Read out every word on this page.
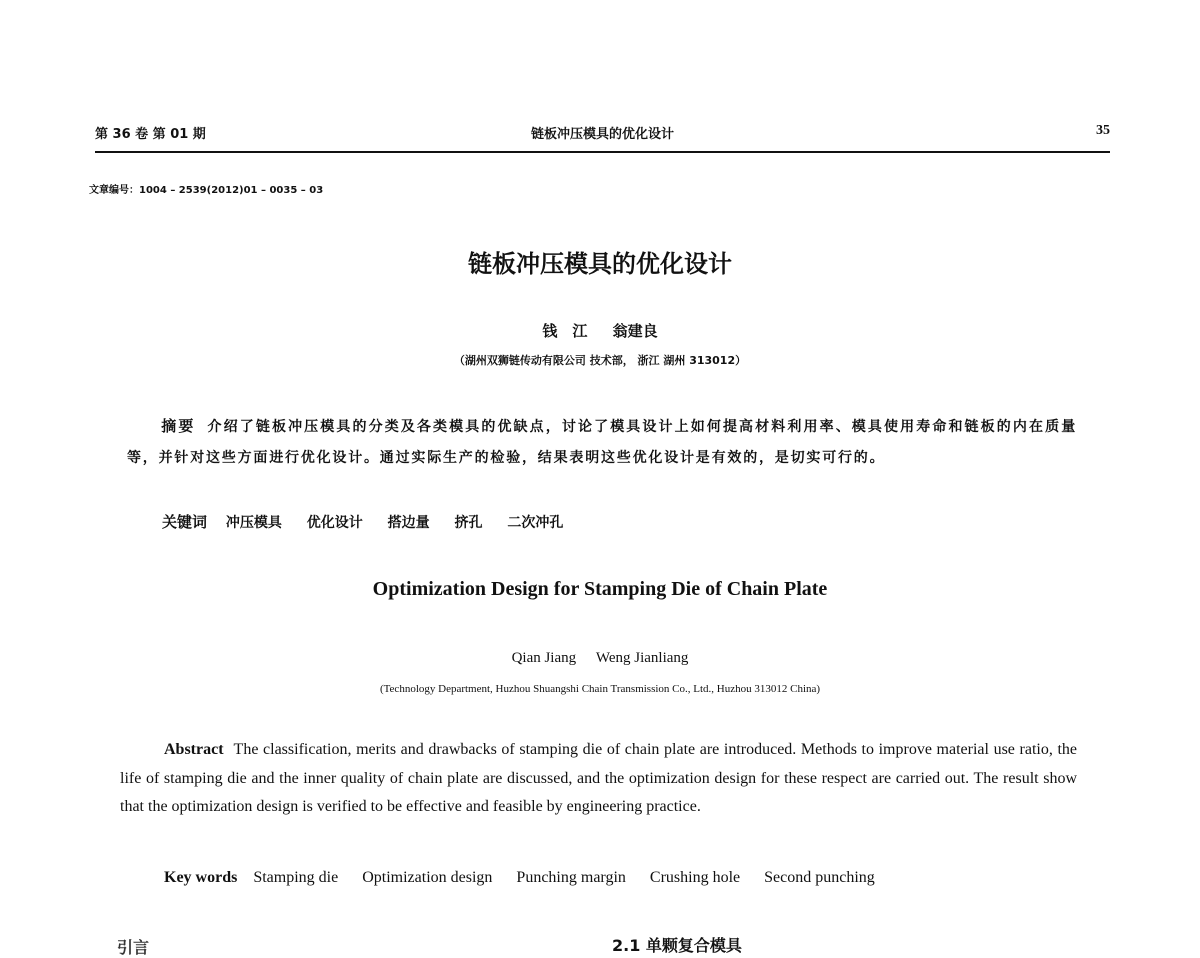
第 36 卷 第 01 期	链板冲压模具的优化设计	35
文章编号：1004 – 2539(2012)01 – 0035 – 03
链板冲压模具的优化设计
钱　江 翁建良
（湖州双狮链传动有限公司 技术部， 浙江 湖州 313012）
摘要 介绍了链板冲压模具的分类及各类模具的优缺点，讨论了模具设计上如何提高材料利用率、模具使用寿命和链板的内在质量等，并针对这些方面进行优化设计。通过实际生产的检验，结果表明这些优化设计是有效的，是切实可行的。
关键词 冲压模具 优化设计 搭边量 挤孔 二次冲孔
Optimization Design for Stamping Die of Chain Plate
Qian Jiang Weng Jianliang
(Technology Department, Huzhou Shuangshi Chain Transmission Co., Ltd., Huzhou 313012 China)
Abstract The classification, merits and drawbacks of stamping die of chain plate are introduced. Methods to improve material use ratio, the life of stamping die and the inner quality of chain plate are discussed, and the optimization design for these respect are carried out. The result show that the optimization design is verified to be effective and feasible by engineering practice.
Key words Stamping die Optimization design Punching margin Crushing hole Second punching
引言	2.1 单颗复合模具
